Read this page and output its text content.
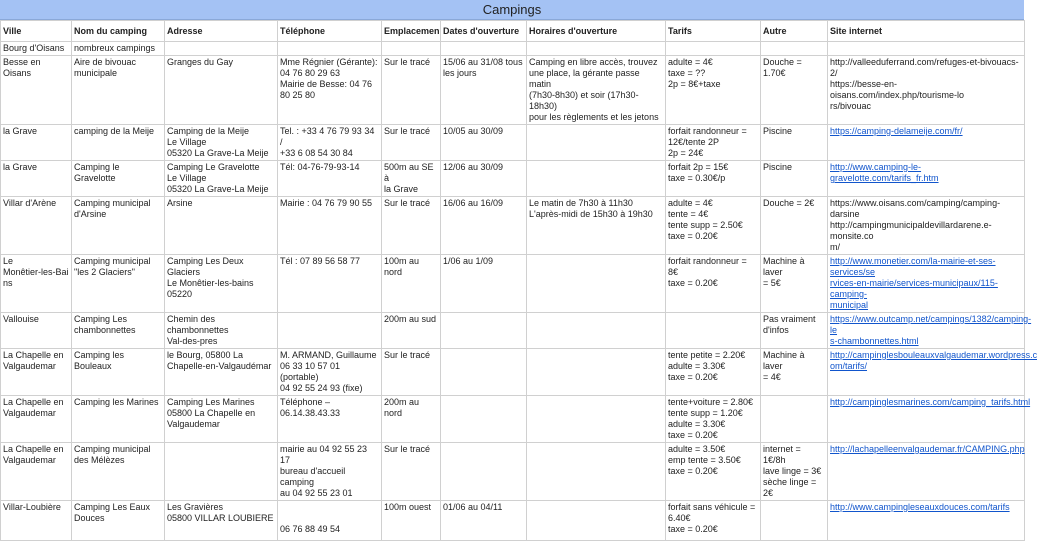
Campings
Ville	Nom du camping	Adresse	Téléphone	Emplacemen	Dates d'ouverture	Horaires d'ouverture	Tarifs	Autre	Site internet
Bourg d'Oisans	nombreux campings								
Besse en Oisans	Aire de bivouac
municipale	Granges du Gay	Mme Régnier (Gérante):
04 76 80 29 63
Mairie de Besse: 04 76
80 25 80	Sur le tracé	15/06 au 31/08 tous
les jours	Camping en libre accès, trouvez
une place, la gérante passe matin
(7h30-8h30) et soir (17h30-18h30)
pour les règlements et les jetons	adulte = 4€
taxe = ??
2p = 8€+taxe	Douche = 1.70€	http://valleeduferrand.com/refuges-et-bivouacs-2/
https://besse-en-oisans.com/index.php/tourisme-lo
rs/bivouac
la Grave	camping de la Meije	Camping de la Meije
Le Village
05320 La Grave-La Meije	Tel. : +33 4 76 79 93 34 /
+33 6 08 54 30 84	Sur le tracé	10/05 au 30/09		forfait randonneur =
12€/tente 2P
2p = 24€	Piscine	https://camping-delameije.com/fr/
la Grave	Camping le Gravelotte	Camping Le Gravelotte
Le Village
05320 La Grave-La Meije	Tél: 04-76-79-93-14	500m au SE à
la Grave	12/06 au 30/09		forfait 2p = 15€
taxe = 0.30€/p	Piscine	http://www.camping-le-gravelotte.com/tarifs_fr.htm
Villar d'Arène	Camping municipal
d'Arsine	Arsine	Mairie : 04 76 79 90 55	Sur le tracé	16/06 au 16/09	Le matin de 7h30 à 11h30
L'après-midi de 15h30 à 19h30	adulte = 4€
tente = 4€
tente supp = 2.50€
taxe = 0.20€	Douche = 2€	https://www.oisans.com/camping/camping-darsine
http://campingmunicipaldevillardarene.e-monsite.co
m/
Le
Monêtier-les-Bai
ns	Camping municipal
"les 2 Glaciers"	Camping Les Deux Glaciers
Le Monêtier-les-bains
05220	Tél : 07 89 56 58 77	100m au nord	1/06 au 1/09		forfait randonneur = 8€
taxe = 0.20€	Machine à laver
= 5€	http://www.monetier.com/la-mairie-et-ses-services/se
rvices-en-mairie/services-municipaux/115-camping-
municipal
Vallouise	Camping Les
chambonnettes	Chemin des chambonnettes
Val-des-pres		200m au sud				Pas vraiment
d'infos	https://www.outcamp.net/campings/1382/camping-le
s-chambonnettes.html
La Chapelle en
Valgaudemar	Camping les Bouleaux	le Bourg, 05800 La
Chapelle-en-Valgaudémar	M. ARMAND, Guillaume
06 33 10 57 01 (portable)
04 92 55 24 93 (fixe)	Sur le tracé			tente petite = 2.20€
adulte = 3.30€
taxe = 0.20€	Machine à laver
= 4€	http://campinglesbouleauxvalgaudemar.wordpress.c
om/tarifs/
La Chapelle en
Valgaudemar	Camping les Marines	Camping Les Marines
05800 La Chapelle en
Valgaudemar	Téléphone –
06.14.38.43.33	200m au nord			tente+voiture = 2.80€
tente supp = 1.20€
adulte = 3.30€
taxe = 0.20€		http://campinglesmarines.com/camping_tarifs.html
La Chapelle en
Valgaudemar	Camping municipal
des Mélèzes		mairie au 04 92 55 23 17
bureau d'accueil camping
au 04 92 55 23 01	Sur le tracé			adulte = 3.50€
emp tente = 3.50€
taxe = 0.20€	internet = 1€/8h
lave linge = 3€
sèche linge =
2€	http://lachapelleenvalgaudemar.fr/CAMPING.php
Villar-Loubière	Camping Les Eaux
Douces	Les Gravières
05800 VILLAR LOUBIERE	

06 76 88 49 54	100m ouest	01/06 au 04/11		forfait sans véhicule =
6.40€
taxe = 0.20€		http://www.campingleseauxdouces.com/tarifs
